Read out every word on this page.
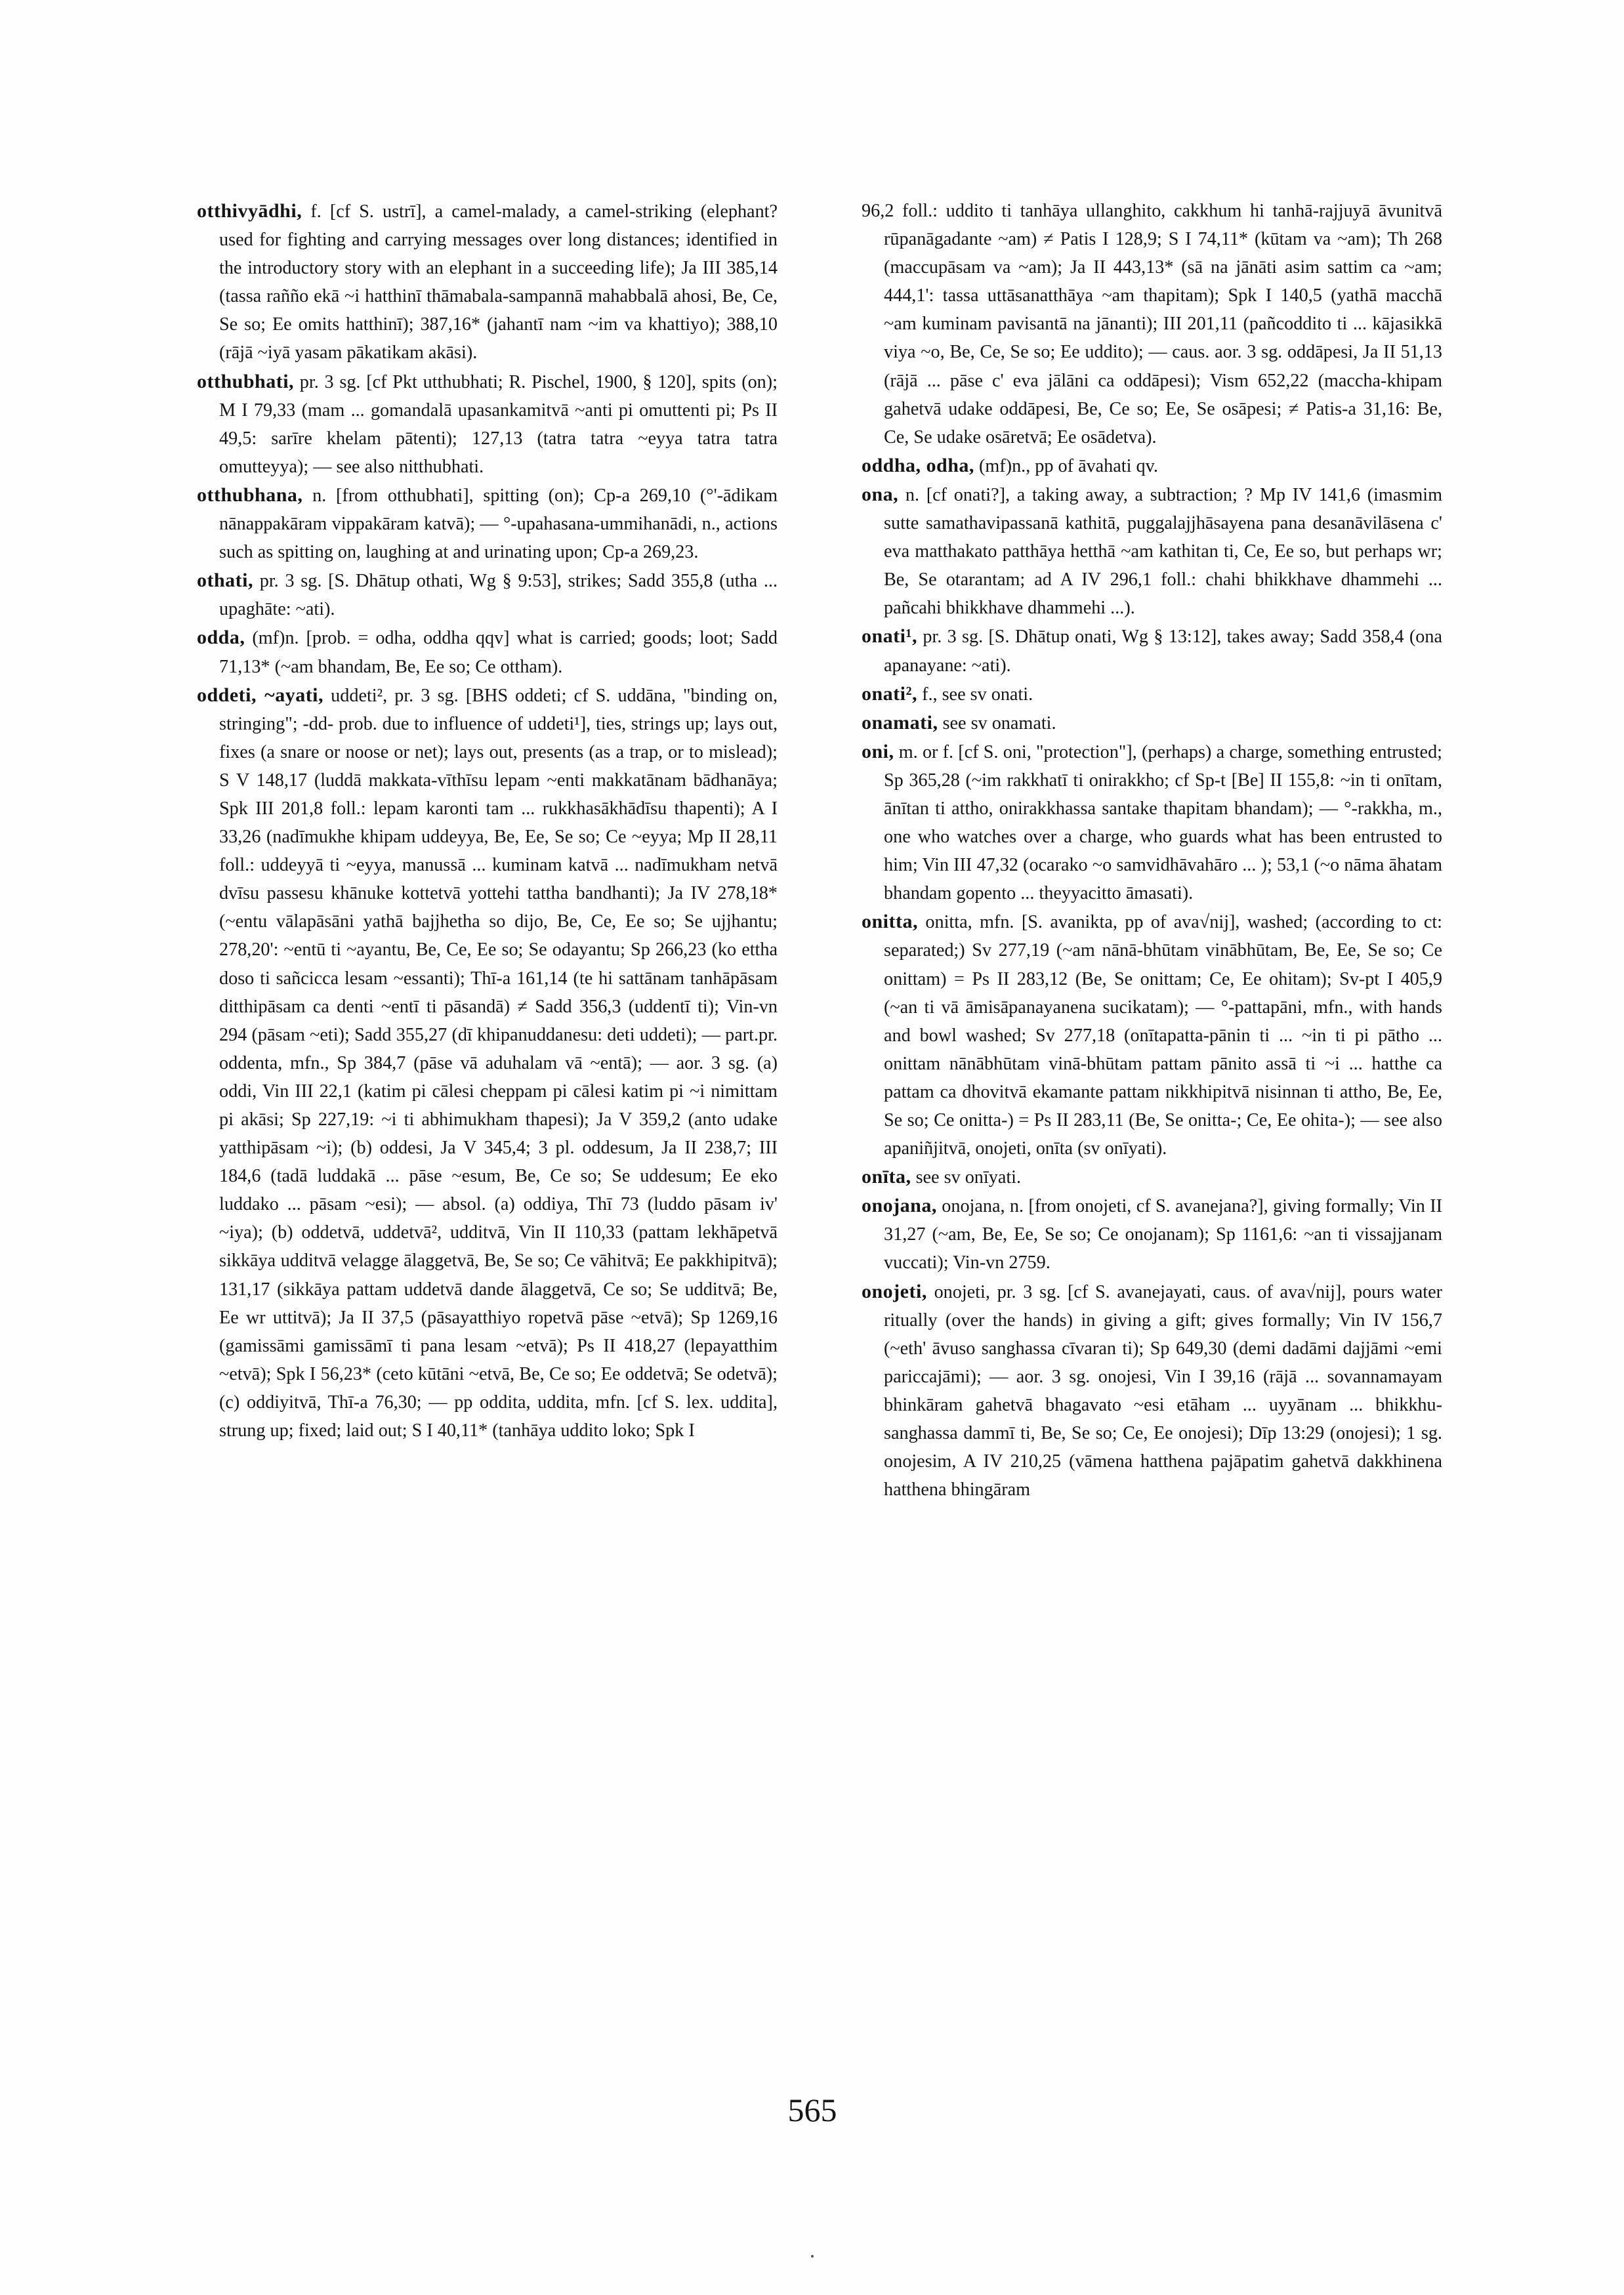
otthivyādhi, f. [cf S. ustrī], a camel-malady, a camel-striking (elephant? used for fighting and carrying messages over long distances; identified in the introductory story with an elephant in a succeeding life); Ja III 385,14 (tassa rañño ekā ~i hatthinī thāmabala-sampannā mahabbalā ahosi, Be, Ce, Se so; Ee omits hatthinī); 387,16* (jahantī nam ~im va khattiyo); 388,10 (rājā ~iyā yasam pākatikam akāsi).

otthubhati, pr. 3 sg. [cf Pkt utthubhati; R. Pischel, 1900, § 120], spits (on); M I 79,33 (mam ... gomandalā upasankamitvā ~anti pi omuttenti pi; Ps II 49,5: sarīre khelam pātenti); 127,13 (tatra tatra ~eyya tatra tatra omutteyya); — see also nitthubhati.

otthubhana, n. [from otthubhati], spitting (on); Cp-a 269,10 (°'-ādikam nānappakāram vippakāram katvā); — °-upahasana-ummihanādi, n., actions such as spitting on, laughing at and urinating upon; Cp-a 269,23.

othati, pr. 3 sg. [S. Dhātup othati, Wg § 9:53], strikes; Sadd 355,8 (utha ... upaghāte: ~ati).

odda, (mf)n. [prob. = odha, oddha qqv] what is carried; goods; loot; Sadd 71,13* (~am bhandam, Be, Ee so; Ce ottham).

oddeti, ~ayati, uddeti², pr. 3 sg. [BHS oddeti; cf S. uddāna, "binding on, stringing"; -dd- prob. due to influence of uddeti¹], ties, strings up; lays out, fixes (a snare or noose or net); lays out, presents (as a trap, or to mislead); S V 148,17 (luddā makkata-vīthīsu lepam ~enti makkatānam bādhanāya; Spk III 201,8 foll.: lepam karonti tam ... rukkhasākhādīsu thapenti); A I 33,26 (nadīmukhe khipam uddeyya, Be, Ee, Se so; Ce ~eyya; Mp II 28,11 foll.: uddeyyā ti ~eyya, manussā ... kuminam katvā ... nadīmukham netvā dvīsu passesu khānuke kottetvā yottehi tattha bandhanti); Ja IV 278,18* (~entu vālapāsāni yathā bajjhetha so dijo, Be, Ce, Ee so; Se ujjhantu; 278,20': ~entū ti ~ayantu, Be, Ce, Ee so; Se odayantu; Sp 266,23 (ko ettha doso ti sañcicca lesam ~essanti); Thī-a 161,14 (te hi sattānam tanhāpāsam ditthipāsam ca denti ~entī ti pāsandā) ≠ Sadd 356,3 (uddentī ti); Vin-vn 294 (pāsam ~eti); Sadd 355,27 (dī khipanuddanesu: deti uddeti); — part.pr. oddenta, mfn., Sp 384,7 (pāse vā aduhalam vā ~entā); — aor. 3 sg. (a) oddi, Vin III 22,1 (katim pi cālesi cheppam pi cālesi katim pi ~i nimittam pi akāsi; Sp 227,19: ~i ti abhimukham thapesi); Ja V 359,2 (anto udake yatthipāsam ~i); (b) oddesi, Ja V 345,4; 3 pl. oddesum, Ja II 238,7; III 184,6 (tadā luddakā ... pāse ~esum, Be, Ce so; Se uddesum; Ee eko luddako ... pāsam ~esi); — absol. (a) oddiya, Thī 73 (luddo pāsam iv' ~iya); (b) oddetvā, uddetvā², udditvā, Vin II 110,33 (pattam lekhāpetvā sikkāya udditvā velagge ālaggetvā, Be, Se so; Ce vāhitvā; Ee pakkhipitvā); 131,17 (sikkāya pattam uddetvā dande ālaggetvā, Ce so; Se udditvā; Be, Ee wr uttitvā); Ja II 37,5 (pāsayatthiyo ropetvā pāse ~etvā); Sp 1269,16 (gamissāmi gamissāmī ti pana lesam ~etvā); Ps II 418,27 (lepayatthim ~etvā); Spk I 56,23* (ceto kūtāni ~etvā, Be, Ce so; Ee oddetvā; Se odetvā); (c) oddiyitvā, Thī-a 76,30; — pp oddita, uddita, mfn. [cf S. lex. uddita], strung up; fixed; laid out; S I 40,11* (tanhāya uddito loko; Spk I

96,2 foll.: uddito ti tanhāya ullanghito, cakkhum hi tanhā-rajjuyā āvunitvā rūpanāgadante ~am) ≠ Patis I 128,9; S I 74,11* (kūtam va ~am); Th 268 (maccupāsam va ~am); Ja II 443,13* (sā na jānāti asim sattim ca ~am; 444,1': tassa uttāsanatthāya ~am thapitam); Spk I 140,5 (yathā macchā ~am kuminam pavisantā na jānanti); III 201,11 (pañcoddito ti ... kājasikkā viya ~o, Be, Ce, Se so; Ee uddito); — caus. aor. 3 sg. oddāpesi, Ja II 51,13 (rājā ... pāse c' eva jālāni ca oddāpesi); Vism 652,22 (maccha-khipam gahetvā udake oddāpesi, Be, Ce so; Ee, Se osāpesi; ≠ Patis-a 31,16: Be, Ce, Se udake osāretvā; Ee osādetva).

oddha, odha, (mf)n., pp of āvahati qv.

ona, n. [cf onati?], a taking away, a subtraction; ? Mp IV 141,6 (imasmim sutte samathavipassanā kathitā, puggalajjhāsayena pana desanāvilāsena c' eva matthakato patthāya hetthā ~am kathitan ti, Ce, Ee so, but perhaps wr; Be, Se otarantam; ad A IV 296,1 foll.: chahi bhikkhave dhammehi ... pañcahi bhikkhave dhammehi ...).

onati¹, pr. 3 sg. [S. Dhātup onati, Wg § 13:12], takes away; Sadd 358,4 (ona apanayane: ~ati).

onati², f., see sv onati.

onamati, see sv onamati.

oni, m. or f. [cf S. oni, "protection"], (perhaps) a charge, something entrusted; Sp 365,28 (~im rakkhatī ti onirakkho; cf Sp-t [Be] II 155,8: ~in ti onītam, ānītan ti attho, onirakkhassa santake thapitam bhandam); — °-rakkha, m., one who watches over a charge, who guards what has been entrusted to him; Vin III 47,32 (ocarako ~o samvidhāvahāro ... ); 53,1 (~o nāma āhatam bhandam gopento ... theyyacitto āmasati).

onitta, onitta, mfn. [S. avanikta, pp of ava√nij], washed; (according to ct: separated;) Sv 277,19 (~am nānā-bhūtam vinābhūtam, Be, Ee, Se so; Ce onittam) = Ps II 283,12 (Be, Se onittam; Ce, Ee ohitam); Sv-pt I 405,9 (~an ti vā āmisāpanayanena sucikatam); — °-pattapāni, mfn., with hands and bowl washed; Sv 277,18 (onītapatta-pānin ti ... ~in ti pi pātho ... onittam nānābhūtam vinā-bhūtam pattam pānito assā ti ~i ... hatthe ca pattam ca dhovitvā ekamante pattam nikkhipitvā nisinnan ti attho, Be, Ee, Se so; Ce onitta-) = Ps II 283,11 (Be, Se onitta-; Ce, Ee ohita-); — see also apaniñjitvā, onojeti, onīta (sv onīyati).

onīta, see sv onīyati.

onojana, onojana, n. [from onojeti, cf S. avanejana?], giving formally; Vin II 31,27 (~am, Be, Ee, Se so; Ce onojanam); Sp 1161,6: ~an ti vissajjanam vuccati); Vin-vn 2759.

onojeti, onojeti, pr. 3 sg. [cf S. avanejayati, caus. of ava√nij], pours water ritually (over the hands) in giving a gift; gives formally; Vin IV 156,7 (~eth' āvuso sanghassa cīvaran ti); Sp 649,30 (demi dadāmi dajjāmi ~emi pariccajāmi); — aor. 3 sg. onojesi, Vin I 39,16 (rājā ... sovannamayam bhinkāram gahetvā bhagavato ~esi etāham ... uyyānam ... bhikkhu-sanghassa dammī ti, Be, Se so; Ce, Ee onojesi); Dīp 13:29 (onojesi); 1 sg. onojesim, A IV 210,25 (vāmena hatthena pajāpatim gahetvā dakkhinena hatthena bhingāram

565
